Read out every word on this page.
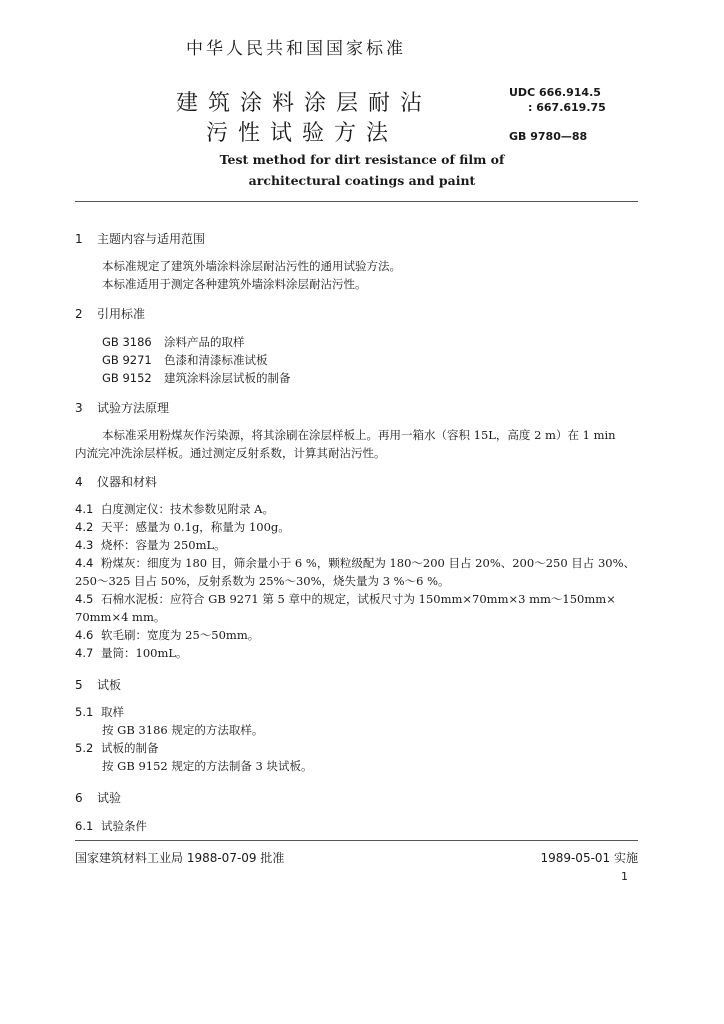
中华人民共和国国家标准
建筑涂料涂层耐沾
污性试验方法
UDC 666.914.5
: 667.619.75
GB 9780—88
Test method for dirt resistance of film of
architectural coatings and paint
1 主题内容与适用范围
本标准规定了建筑外墙涂料涂层耐沾污性的通用试验方法。
本标准适用于测定各种建筑外墙涂料涂层耐沾污性。
2 引用标准
GB 3186 涂料产品的取样
GB 9271 色漆和清漆标准试板
GB 9152 建筑涂料涂层试板的制备
3 试验方法原理
本标准采用粉煤灰作污染源，将其涂刷在涂层样板上。再用一箱水（容积 15L，高度 2 m）在 1 min
内流完冲洗涂层样板。通过测定反射系数，计算其耐沾污性。
4 仪器和材料
4.1 白度测定仪：技术参数见附录 A。
4.2 天平：感量为 0.1g，称量为 100g。
4.3 烧杯：容量为 250mL。
4.4 粉煤灰：细度为 180 目，筛余量小于 6 %，颗粒级配为 180～200 目占 20%、200～250 目占 30%、
250～325 目占 50%，反射系数为 25%～30%，烧失量为 3 %～6 %。
4.5 石棉水泥板：应符合 GB 9271 第 5 章中的规定，试板尺寸为 150mm×70mm×3 mm～150mm×
70mm×4 mm。
4.6 软毛刷：宽度为 25～50mm。
4.7 量筒：100mL。
5 试板
5.1 取样
按 GB 3186 规定的方法取样。
5.2 试板的制备
按 GB 9152 规定的方法制备 3 块试板。
6 试验
6.1 试验条件
国家建筑材料工业局 1988-07-09 批准	1989-05-01 实施
1
